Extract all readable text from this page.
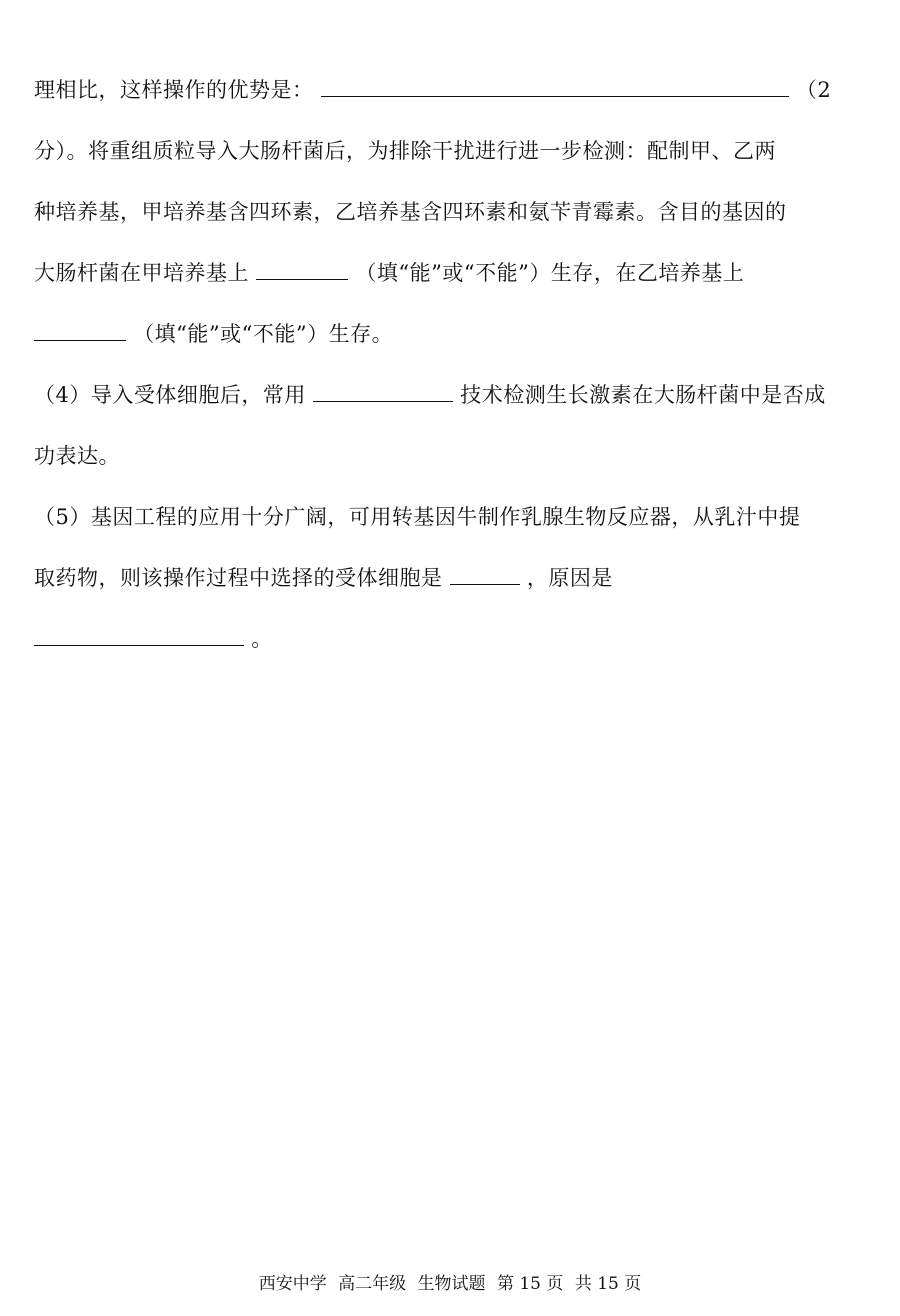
理相比，这样操作的优势是：	（2
分）。将重组质粒导入大肠杆菌后，为排除干扰进行进一步检测：配制甲、乙两
种培养基，甲培养基含四环素，乙培养基含四环素和氨苄青霉素。含目的基因的
大肠杆菌在甲培养基上	（填“能”或“不能”）生存，在乙培养基上
（填“能”或“不能”）生存。
（4）导入受体细胞后，常用	技术检测生长激素在大肠杆菌中是否成
功表达。
（5）基因工程的应用十分广阔，可用转基因牛制作乳腺生物反应器，从乳汁中提
取药物，则该操作过程中选择的受体细胞是	，原因是
。
西安中学 高二年级 生物试题 第 15 页 共 15 页
